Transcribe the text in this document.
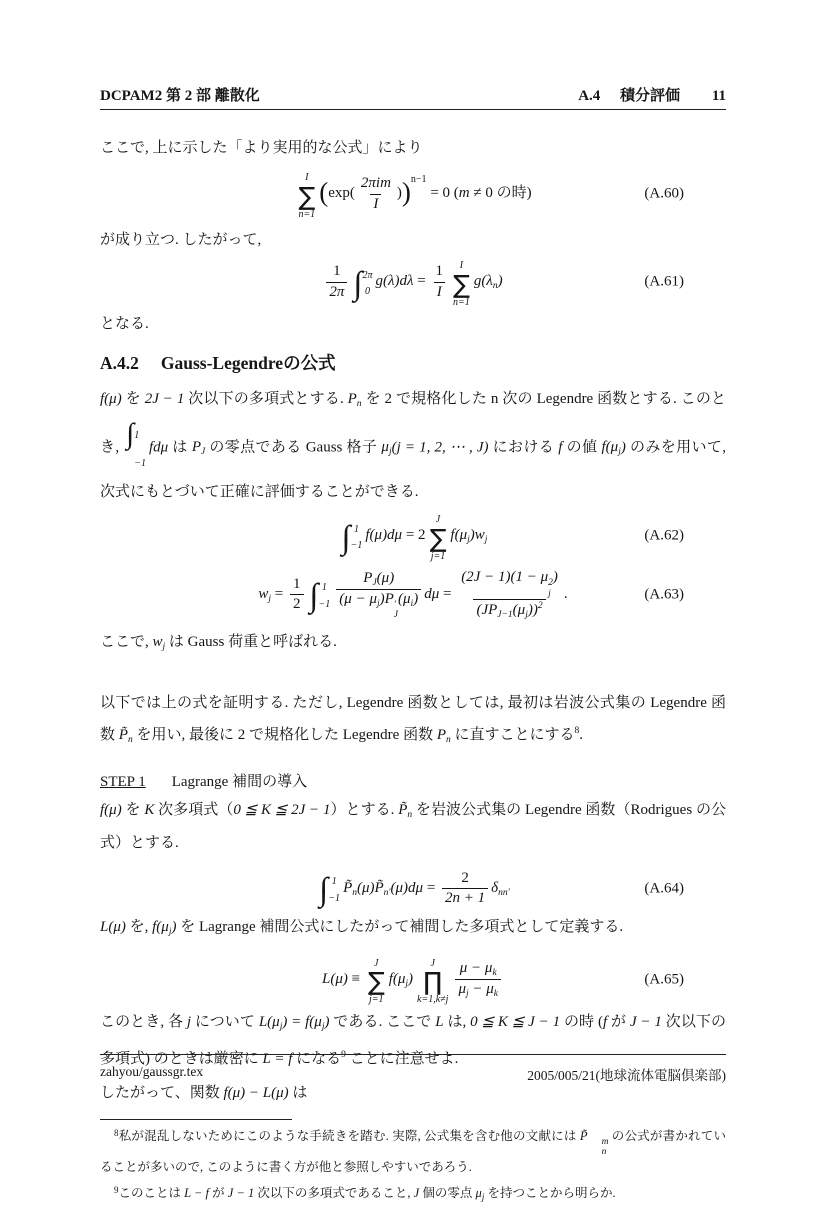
DCPAM2 第 2 部 離散化	A.4 積分評価 11

ここで, 上に示した「より実用的な公式」により

I
∑
n=1
$(\exp( \frac{\text{2πim}}{I} ))^{n-1} = 0$ (m ≠ 0 の時)	(A.60)

が成り立つ. したがって,

$\frac{1}{2\pi}$ ∫ 2π
0
$g(\lambda)d\lambda = \frac{1}{I}$ I
∑
n=1
$g(\lambda_n)$	(A.61)

となる.

A.4.2 Gauss-Legendreの公式

f(μ) を 2J − 1 次以下の多項式とする. $P_n$ を 2 で規格化した n 次の Legendre 函数とする. このとき, ∫ 1
−1
fdμ は $P_J$ の零点である Gauss 格子 $\mu_j(j = 1$, 2, ⋯ , J) における f の値 $f(\mu_j)$ のみを用いて, 次式にもとづいて正確に評価することができる.

∫ 1
−1
f(μ)dμ = 2
J
∑
j=1
$f(\mu_j)w_j$	(A.62)
$w_j = \frac{1}{2}$ ∫ 1
−1 $P_J(\mu)$
$(\mu - \mu_j)P$ ′
J
$(\mu_i) d\mu = (2J - 1)(1 - \mu$ 2
j
)
$(JP_{J-1}(\mu_j))^2$ .	(A.63)

ここで, $w_j$ は Gauss 荷重と呼ばれる.

以下では上の式を証明する. ただし, Legendre 函数としては, 最初は岩波公式集の Legendre 函数 $P̃_n$ を用い, 最後に 2 で規格化した Legendre 函数 $P_n$ に直すことにする$^8$.

STEP 1 Lagrange 補間の導入

f(μ) を K 次多項式（0 ≦ K ≦ 2J − 1）とする. $P̃_n$ を岩波公式集の Legendre 函数（Rodrigues の公式）とする.

∫ 1
−1
$P̃_n(\mu)P̃_{n'}(\mu)d\mu = \frac{2}{2n + 1} \delta_{nn'}$	(A.64)

L(μ) を, $f(\mu_j)$ を Lagrange 補間公式にしたがって補間した多項式として定義する.

L(μ) ≡
J
∑
j=1
$f(\mu_j)$
J
∏
$k=1,k\ne j \frac{\mu - \mu_k}{\mu_j - \mu_k}$	(A.65)

このとき, 各 j について $L(\mu_j) = f(\mu_j)$ である. ここで L は, 0 ≦ K ≦ J − 1 の時 (f が J − 1 次以下の多項式) のときは厳密に L = f になる$^9$ ことに注意せよ.

したがって、関数 f(μ) − L(μ) は

$^8$私が混乱しないためにこのような手続きを踏む. 実際, 公式集を含む他の文献には P̃	m
n
の公式が書かれていることが多いので, このように書く方が他と参照しやすいであろう.

$^9$このことは L − f が J − 1 次以下の多項式であること, J 個の零点 $\mu_j$ を持つことから明らか.

zahyou/gaussgr.tex	2005/005/21(地球流体電脳倶楽部)
